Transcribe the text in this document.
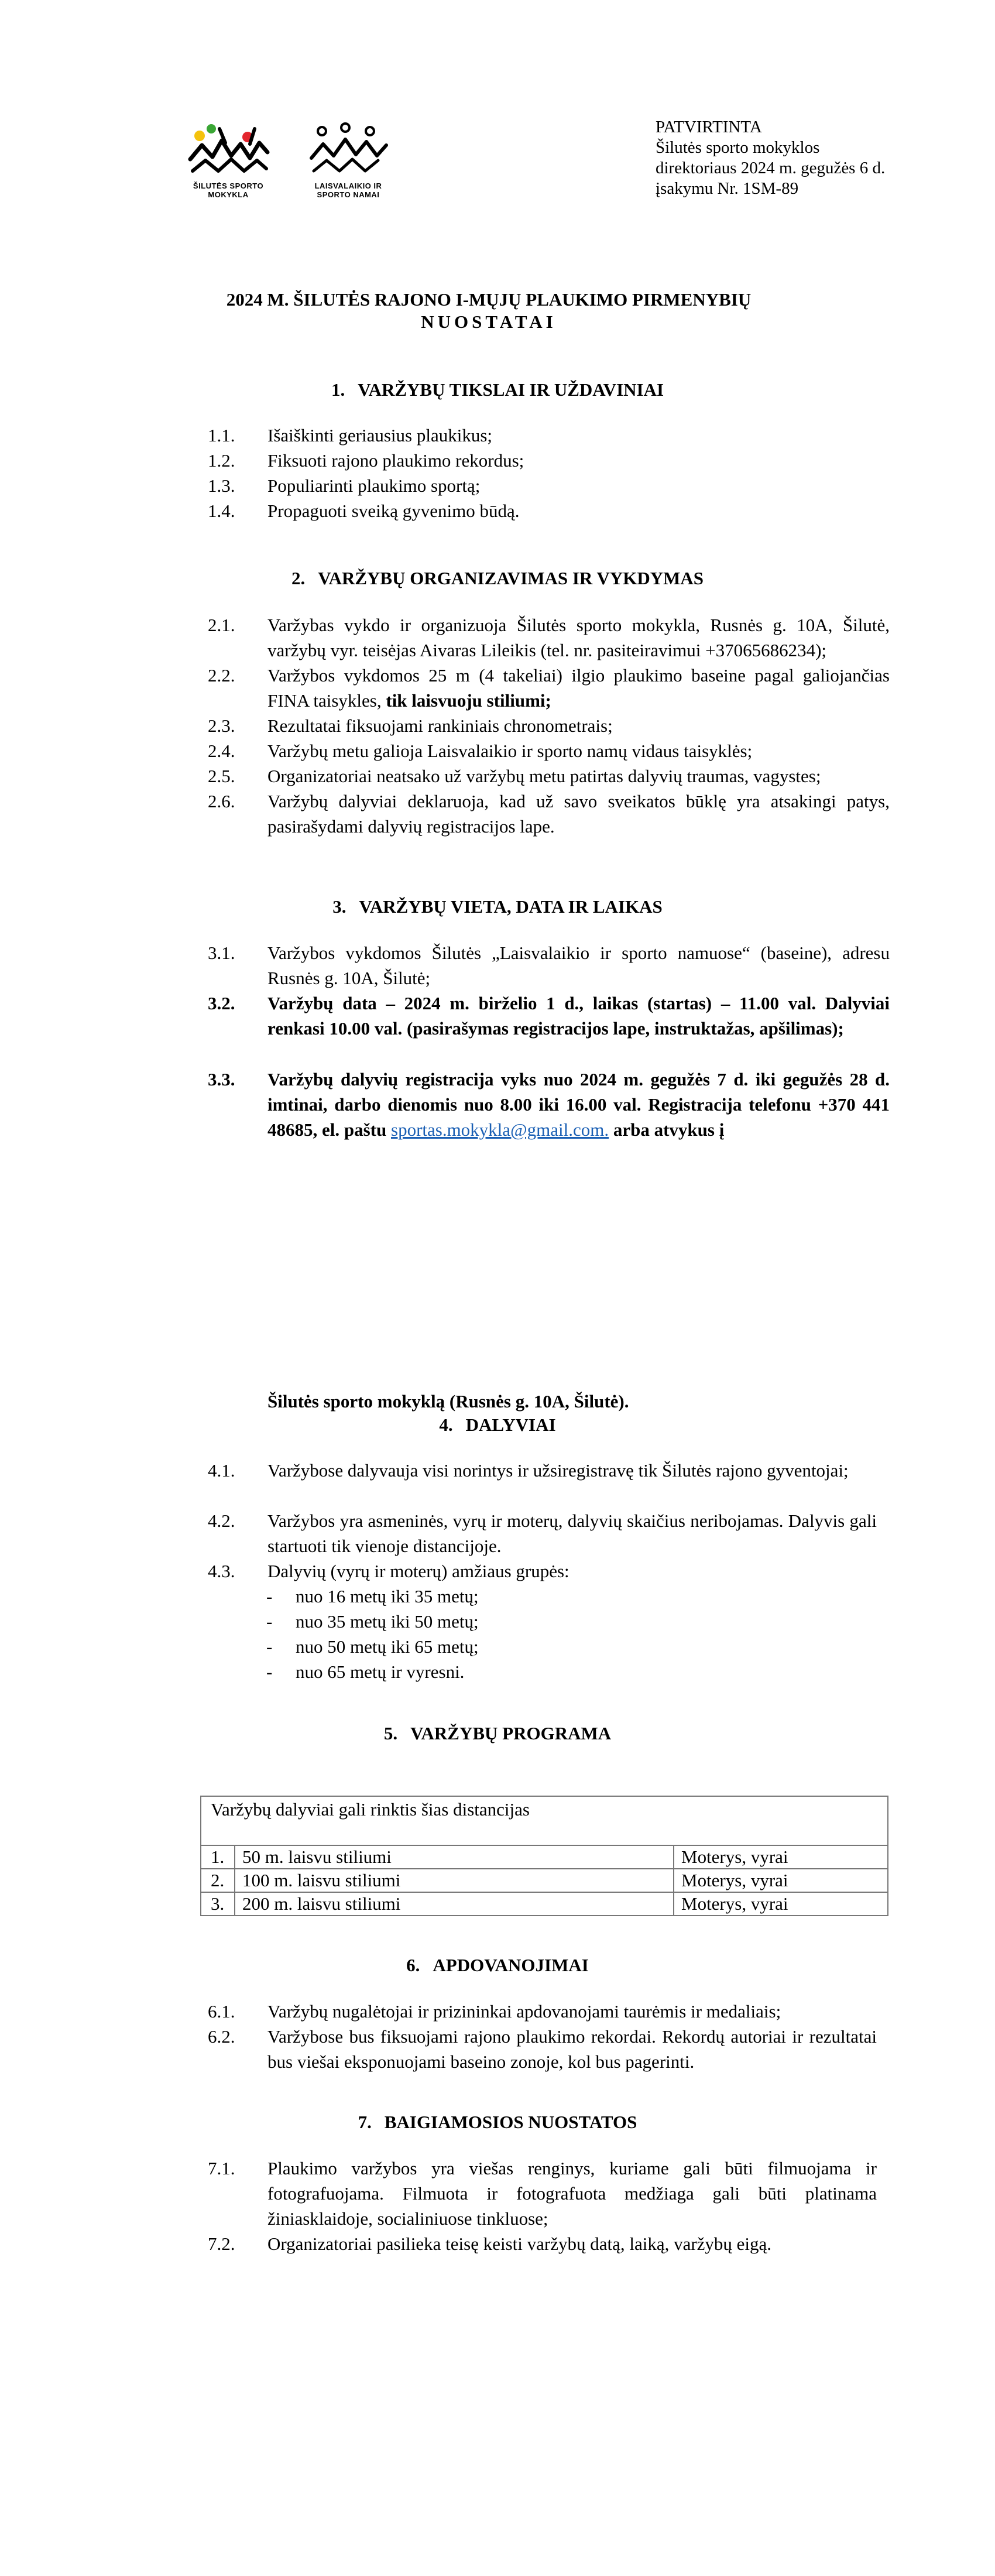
ŠILUTĖS SPORTO
MOKYKLA
LAISVALAIKIO IR
SPORTO NAMAI
PATVIRTINTA
Šilutės sporto mokyklos
direktoriaus 2024 m. gegužės 6 d.
įsakymu Nr. 1SM-89
2024 M. ŠILUTĖS RAJONO I-MŲJŲ PLAUKIMO PIRMENYBIŲ
NUOSTATAI
1. VARŽYBŲ TIKSLAI IR UŽDAVINIAI
1.1. Išaiškinti geriausius plaukikus;
1.2. Fiksuoti rajono plaukimo rekordus;
1.3. Populiarinti plaukimo sportą;
1.4. Propaguoti sveiką gyvenimo būdą.
2. VARŽYBŲ ORGANIZAVIMAS IR VYKDYMAS
2.1. Varžybas vykdo ir organizuoja Šilutės sporto mokykla, Rusnės g. 10A, Šilutė, varžybų vyr. teisėjas Aivaras Lileikis (tel. nr. pasiteiravimui +37065686234);
2.2. Varžybos vykdomos 25 m (4 takeliai) ilgio plaukimo baseine pagal galiojančias FINA taisykles, tik laisvuoju stiliumi;
2.3. Rezultatai fiksuojami rankiniais chronometrais;
2.4. Varžybų metu galioja Laisvalaikio ir sporto namų vidaus taisyklės;
2.5. Organizatoriai neatsako už varžybų metu patirtas dalyvių traumas, vagystes;
2.6. Varžybų dalyviai deklaruoja, kad už savo sveikatos būklę yra atsakingi patys, pasirašydami dalyvių registracijos lape.
3. VARŽYBŲ VIETA, DATA IR LAIKAS
3.1. Varžybos vykdomos Šilutės „Laisvalaikio ir sporto namuose“ (baseine), adresu Rusnės g. 10A, Šilutė;
3.2. Varžybų data – 2024 m. birželio 1 d., laikas (startas) – 11.00 val. Dalyviai renkasi 10.00 val. (pasirašymas registracijos lape, instruktažas, apšilimas);
3.3. Varžybų dalyvių registracija vyks nuo 2024 m. gegužės 7 d. iki gegužės 28 d. imtinai, darbo dienomis nuo 8.00 iki 16.00 val. Registracija telefonu +370 441 48685, el. paštu sportas.mokykla@gmail.com. arba atvykus į
Šilutės sporto mokyklą (Rusnės g. 10A, Šilutė).
4. DALYVIAI
4.1. Varžybose dalyvauja visi norintys ir užsiregistravę tik Šilutės rajono gyventojai;
4.2. Varžybos yra asmeninės, vyrų ir moterų, dalyvių skaičius neribojamas. Dalyvis gali startuoti tik vienoje distancijoje.
4.3. Dalyvių (vyrų ir moterų) amžiaus grupės:
- nuo 16 metų iki 35 metų;
- nuo 35 metų iki 50 metų;
- nuo 50 metų iki 65 metų;
- nuo 65 metų ir vyresni.
5. VARŽYBŲ PROGRAMA
Varžybų dalyviai gali rinktis šias distancijas
1. 50 m. laisvu stiliumi	Moterys, vyrai
2. 100 m. laisvu stiliumi	Moterys, vyrai
3. 200 m. laisvu stiliumi	Moterys, vyrai
6. APDOVANOJIMAI
6.1. Varžybų nugalėtojai ir prizininkai apdovanojami taurėmis ir medaliais;
6.2. Varžybose bus fiksuojami rajono plaukimo rekordai. Rekordų autoriai ir rezultatai bus viešai eksponuojami baseino zonoje, kol bus pagerinti.
7. BAIGIAMOSIOS NUOSTATOS
7.1. Plaukimo varžybos yra viešas renginys, kuriame gali būti filmuojama ir fotografuojama. Filmuota ir fotografuota medžiaga gali būti platinama žiniasklaidoje, socialiniuose tinkluose;
7.2. Organizatoriai pasilieka teisę keisti varžybų datą, laiką, varžybų eigą.
